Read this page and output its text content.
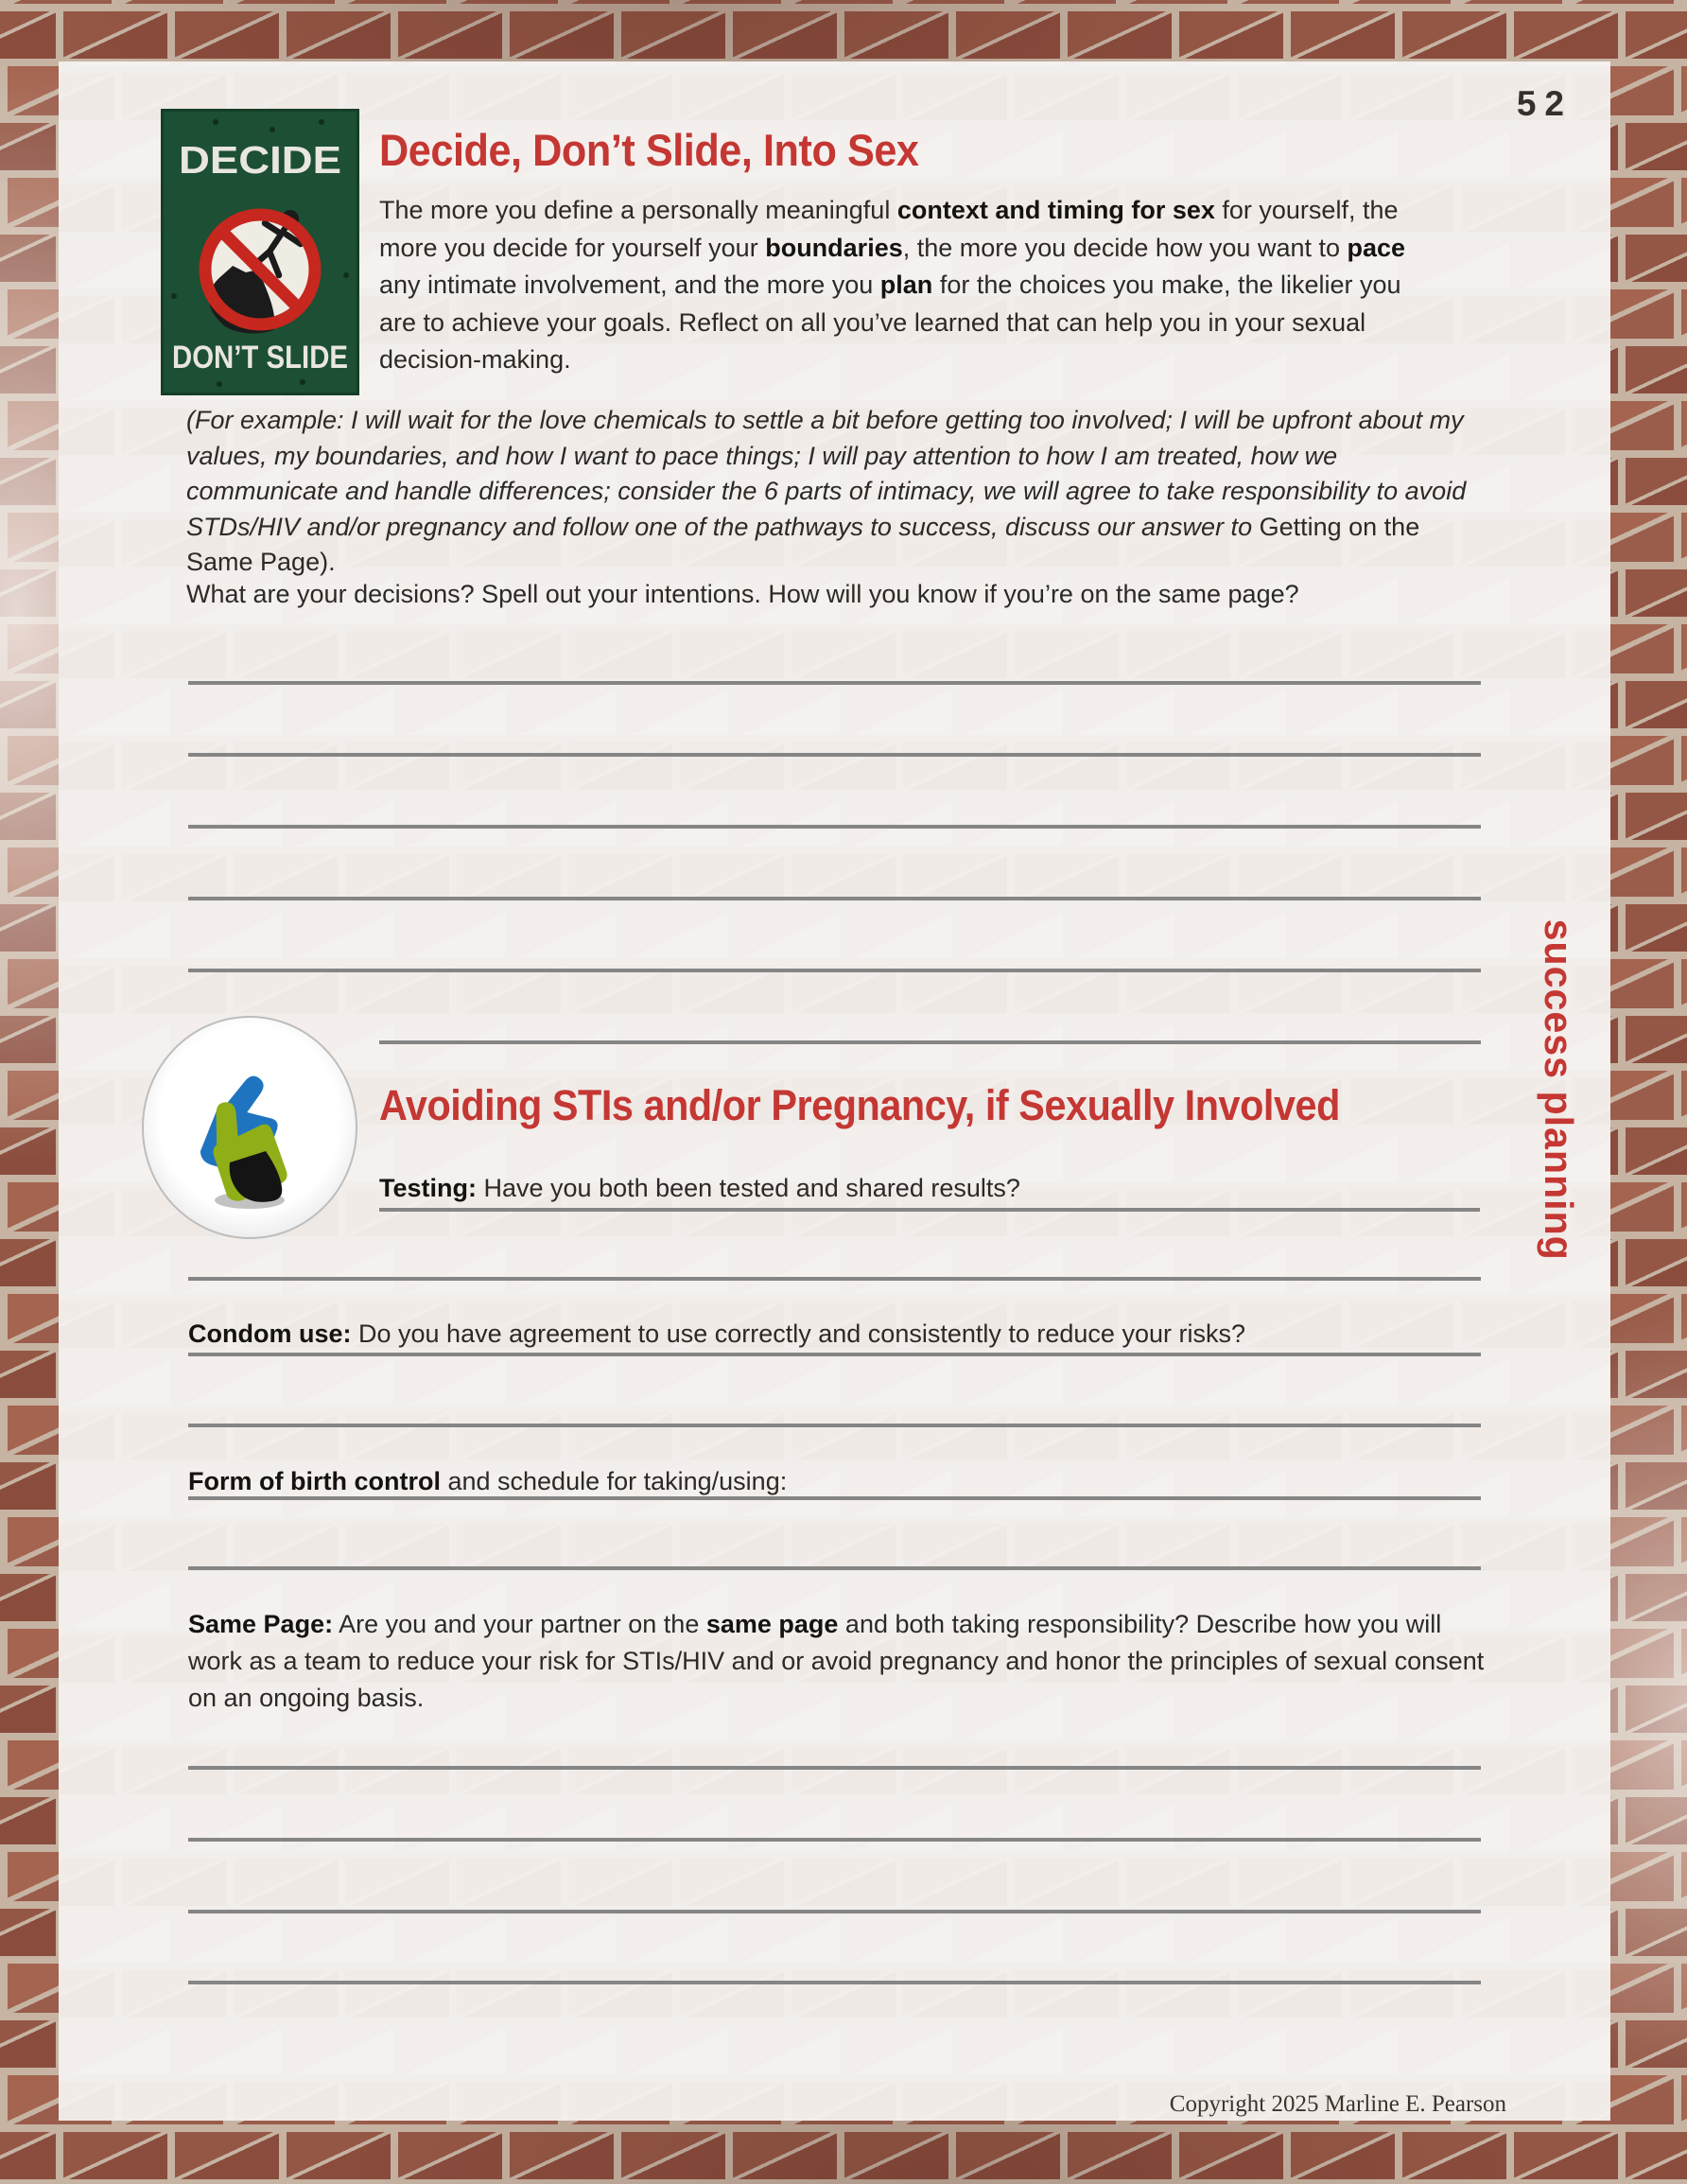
52
DECIDE
DON’T SLIDE
Decide, Don’t Slide, Into Sex

The more you define a personally meaningful context and timing for sex for yourself, the more you decide for yourself your boundaries, the more you decide how you want to pace any intimate involvement, and the more you plan for the choices you make, the likelier you are to achieve your goals. Reflect on all you’ve learned that can help you in your sexual decision-making.

(For example: I will wait for the love chemicals to settle a bit before getting too involved; I will be upfront about my values, my boundaries, and how I want to pace things; I will pay attention to how I am treated, how we communicate and handle differences; consider the 6 parts of intimacy, we will agree to take responsibility to avoid STDs/HIV and/or pregnancy and follow one of the pathways to success, discuss our answer to Getting on the Same Page).

What are your decisions? Spell out your intentions. How will you know if you’re on the same page?

Avoiding STIs and/or Pregnancy, if Sexually Involved

Testing: Have you both been tested and shared results?

Condom use: Do you have agreement to use correctly and consistently to reduce your risks?

Form of birth control and schedule for taking/using:

Same Page: Are you and your partner on the same page and both taking responsibility? Describe how you will work as a team to reduce your risk for STIs/HIV and or avoid pregnancy and honor the principles of sexual consent on an ongoing basis.

success planning
Copyright 2025 Marline E. Pearson
